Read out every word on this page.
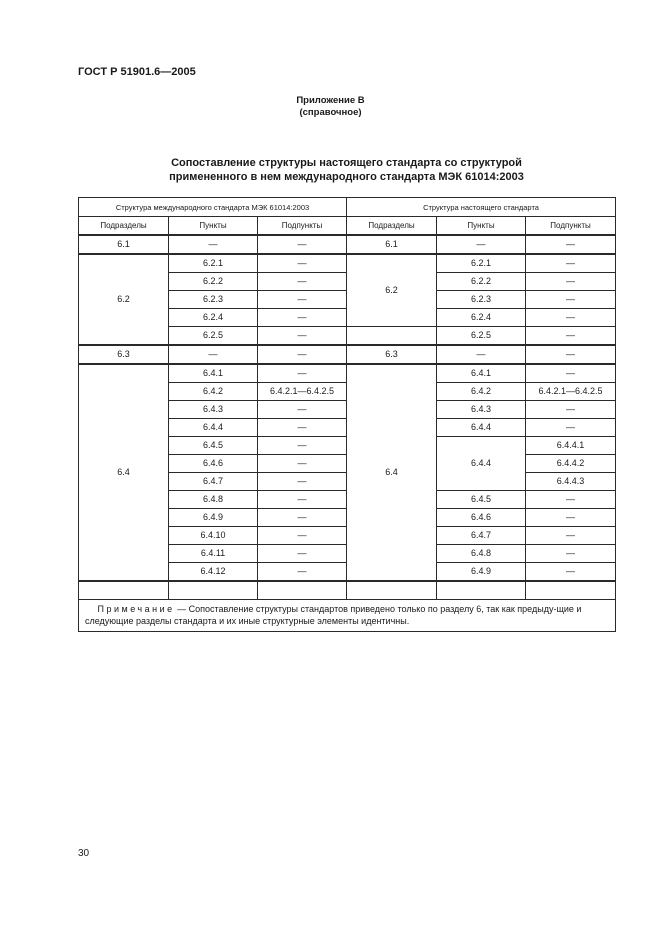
ГОСТ Р 51901.6—2005
Приложение В
(справочное)
Сопоставление структуры настоящего стандарта со структурой
примененного в нем международного стандарта МЭК 61014:2003
Структура международного стандарта МЭК 61014:2003			Структура настоящего стандарта		
Подразделы	Пункты	Подпункты	Подразделы	Пункты	Подпункты
6.1	—	—	6.1	—	—
6.2	6.2.1	—	6.2	6.2.1	—
	6.2.2	—		6.2.2	—
	6.2.3	—		6.2.3	—
	6.2.4	—		6.2.4	—
	6.2.5	—		6.2.5	—
6.3	—	—	6.3	—	—
6.4	6.4.1	—	6.4	6.4.1	—
	6.4.2	6.4.2.1—6.4.2.5		6.4.2	6.4.2.1—6.4.2.5
	6.4.3	—		6.4.3	—
	6.4.4	—		6.4.4	—
	6.4.5	—		6.4.4	6.4.4.1
	6.4.6	—			6.4.4.2
	6.4.7	—			6.4.4.3
	6.4.8	—		6.4.5	—
	6.4.9	—		6.4.6	—
	6.4.10	—		6.4.7	—
	6.4.11	—		6.4.8	—
	6.4.12	—		6.4.9	—

Примечание — Сопоставление структуры стандартов приведено только по разделу 6, так как предыду-щие и следующие разделы стандарта и их иные структурные элементы идентичны.					
30
